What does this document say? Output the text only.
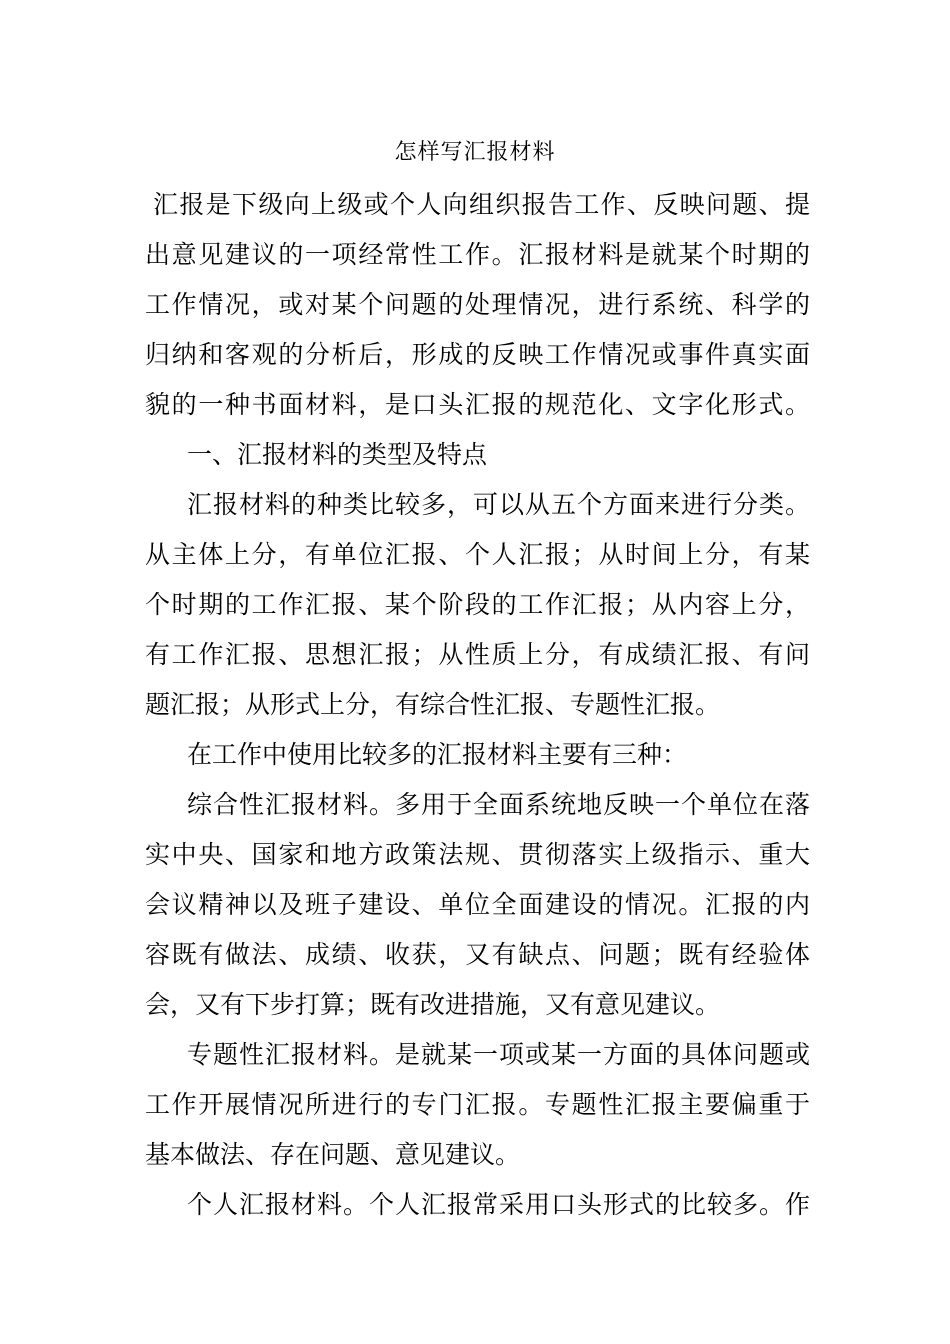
怎样写汇报材料
汇报是下级向上级或个人向组织报告工作、反映问题、提
出意见建议的一项经常性工作。汇报材料是就某个时期的
工作情况，或对某个问题的处理情况，进行系统、科学的
归纳和客观的分析后，形成的反映工作情况或事件真实面
貌的一种书面材料，是口头汇报的规范化、文字化形式。
一、汇报材料的类型及特点
汇报材料的种类比较多，可以从五个方面来进行分类。
从主体上分，有单位汇报、个人汇报；从时间上分，有某
个时期的工作汇报、某个阶段的工作汇报；从内容上分，
有工作汇报、思想汇报；从性质上分，有成绩汇报、有问
题汇报；从形式上分，有综合性汇报、专题性汇报。
在工作中使用比较多的汇报材料主要有三种：
综合性汇报材料。多用于全面系统地反映一个单位在落
实中央、国家和地方政策法规、贯彻落实上级指示、重大
会议精神以及班子建设、单位全面建设的情况。汇报的内
容既有做法、成绩、收获，又有缺点、问题；既有经验体
会，又有下步打算；既有改进措施，又有意见建议。
专题性汇报材料。是就某一项或某一方面的具体问题或
工作开展情况所进行的专门汇报。专题性汇报主要偏重于
基本做法、存在问题、意见建议。
个人汇报材料。个人汇报常采用口头形式的比较多。作
